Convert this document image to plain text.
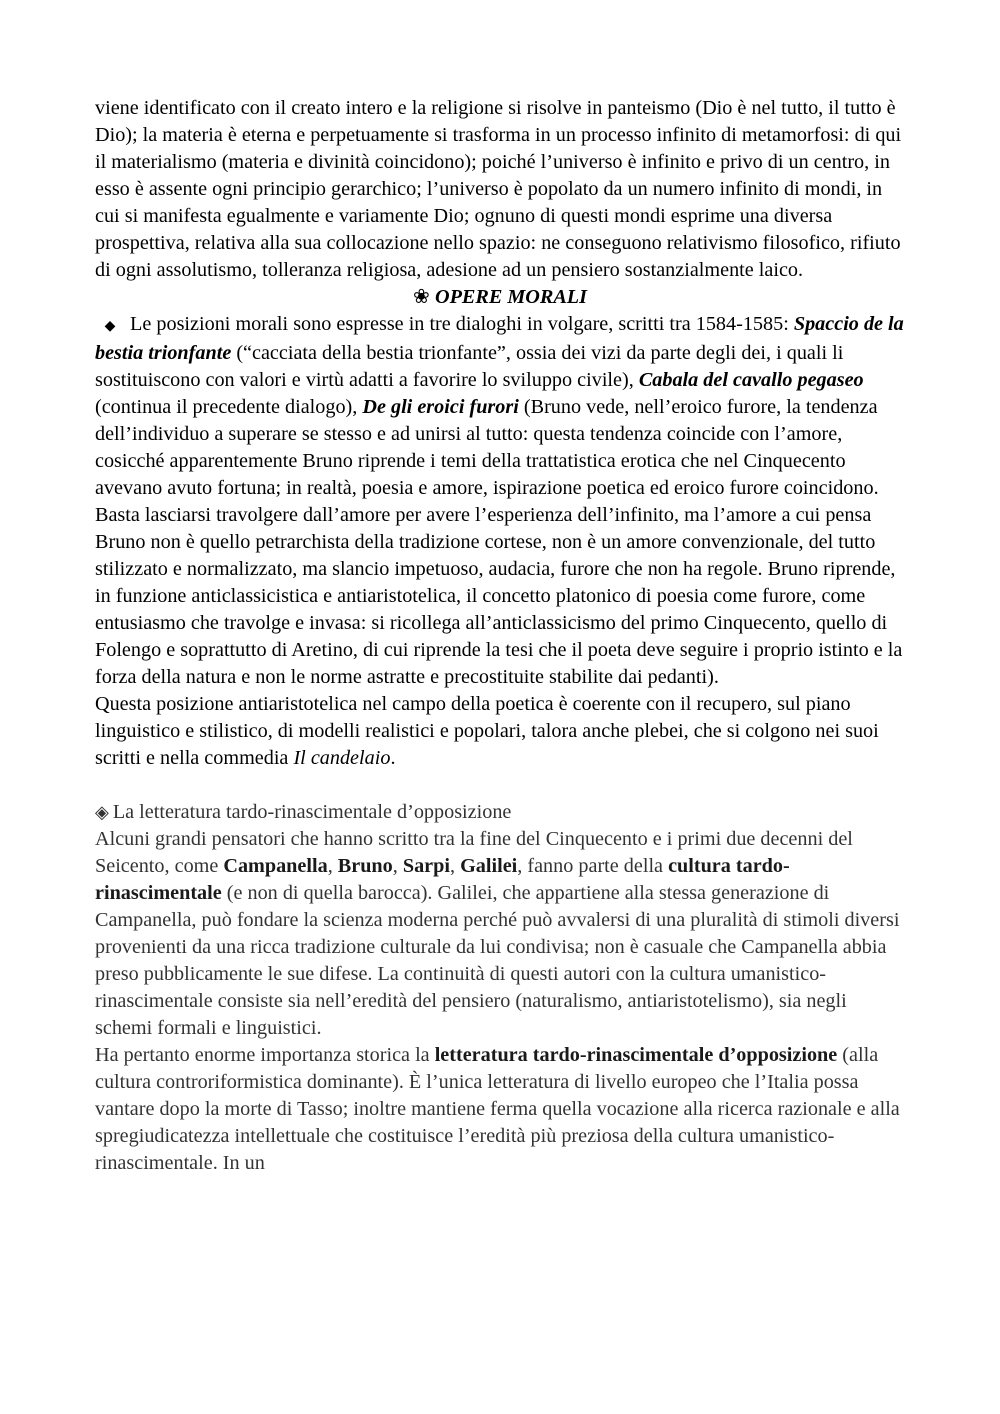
viene identificato con il creato intero e la religione si risolve in panteismo (Dio è nel tutto, il tutto è Dio); la materia è eterna e perpetuamente si trasforma in un processo infinito di metamorfosi: di qui il materialismo (materia e divinità coincidono); poiché l’universo è infinito e privo di un centro, in esso è assente ogni principio gerarchico; l’universo è popolato da un numero infinito di mondi, in cui si manifesta egualmente e variamente Dio; ognuno di questi mondi esprime una diversa prospettiva, relativa alla sua collocazione nello spazio: ne conseguono relativismo filosofico, rifiuto di ogni assolutismo, tolleranza religiosa, adesione ad un pensiero sostanzialmente laico.

❀ OPERE MORALI

◆ Le posizioni morali sono espresse in tre dialoghi in volgare, scritti tra 1584-1585: Spaccio de la bestia trionfante (“cacciata della bestia trionfante”, ossia dei vizi da parte degli dei, i quali li sostituiscono con valori e virtù adatti a favorire lo sviluppo civile), Cabala del cavallo pegaseo (continua il precedente dialogo), De gli eroici furori (Bruno vede, nell’eroico furore, la tendenza dell’individuo a superare se stesso e ad unirsi al tutto: questa tendenza coincide con l’amore, cosicché apparentemente Bruno riprende i temi della trattatistica erotica che nel Cinquecento avevano avuto fortuna; in realtà, poesia e amore, ispirazione poetica ed eroico furore coincidono. Basta lasciarsi travolgere dall’amore per avere l’esperienza dell’infinito, ma l’amore a cui pensa Bruno non è quello petrarchista della tradizione cortese, non è un amore convenzionale, del tutto stilizzato e normalizzato, ma slancio impetuoso, audacia, furore che non ha regole. Bruno riprende, in funzione anticlassicistica e antiaristotelica, il concetto platonico di poesia come furore, come entusiasmo che travolge e invasa: si ricollega all’anticlassicismo del primo Cinquecento, quello di Folengo e soprattutto di Aretino, di cui riprende la tesi che il poeta deve seguire i proprio istinto e la forza della natura e non le norme astratte e precostituite stabilite dai pedanti).

Questa posizione antiaristotelica nel campo della poetica è coerente con il recupero, sul piano linguistico e stilistico, di modelli realistici e popolari, talora anche plebei, che si colgono nei suoi scritti e nella commedia Il candelaio.

◈ La letteratura tardo-rinascimentale d’opposizione

Alcuni grandi pensatori che hanno scritto tra la fine del Cinquecento e i primi due decenni del Seicento, come Campanella, Bruno, Sarpi, Galilei, fanno parte della cultura tardo-rinascimentale (e non di quella barocca). Galilei, che appartiene alla stessa generazione di Campanella, può fondare la scienza moderna perché può avvalersi di una pluralità di stimoli diversi provenienti da una ricca tradizione culturale da lui condivisa; non è casuale che Campanella abbia preso pubblicamente le sue difese. La continuità di questi autori con la cultura umanistico-rinascimentale consiste sia nell’eredità del pensiero (naturalismo, antiaristotelismo), sia negli schemi formali e linguistici.

Ha pertanto enorme importanza storica la letteratura tardo-rinascimentale d’opposizione (alla cultura controriformistica dominante). È l’unica letteratura di livello europeo che l’Italia possa vantare dopo la morte di Tasso; inoltre mantiene ferma quella vocazione alla ricerca razionale e alla spregiudicatezza intellettuale che costituisce l’eredità più preziosa della cultura umanistico-rinascimentale. In un
